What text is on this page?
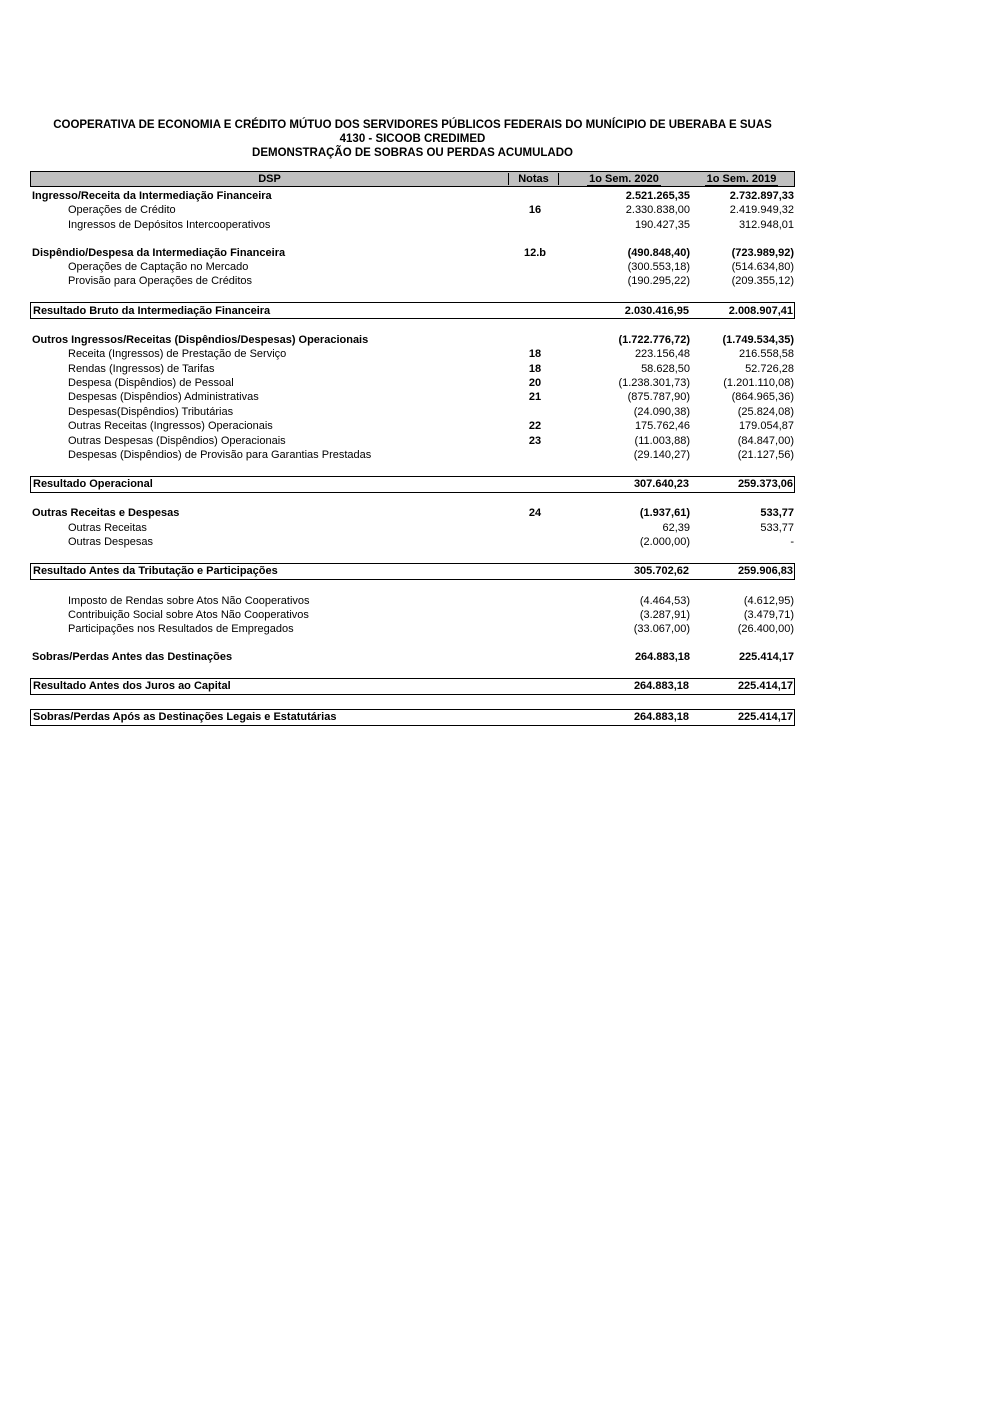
COOPERATIVA DE ECONOMIA E CRÉDITO MÚTUO DOS SERVIDORES PÚBLICOS FEDERAIS DO MUNÍCIPIO DE UBERABA E SUAS
4130 - SICOOB CREDIMED
DEMONSTRAÇÃO DE SOBRAS OU PERDAS ACUMULADO
DSP	Notas	1o Sem. 2020	1o Sem. 2019
Ingresso/Receita da Intermediação Financeira	2.521.265,35	2.732.897,33
Operações de Crédito	16	2.330.838,00	2.419.949,32
Ingressos de Depósitos Intercooperativos	190.427,35	312.948,01
Dispêndio/Despesa da Intermediação Financeira	12.b	(490.848,40)	(723.989,92)
Operações de Captação no Mercado	(300.553,18)	(514.634,80)
Provisão para Operações de Créditos	(190.295,22)	(209.355,12)
Resultado Bruto da Intermediação Financeira	2.030.416,95	2.008.907,41
Outros Ingressos/Receitas (Dispêndios/Despesas) Operacionais	(1.722.776,72)	(1.749.534,35)
Receita (Ingressos) de Prestação de Serviço	18	223.156,48	216.558,58
Rendas (Ingressos) de Tarifas	18	58.628,50	52.726,28
Despesa (Dispêndios) de Pessoal	20	(1.238.301,73)	(1.201.110,08)
Despesas (Dispêndios) Administrativas	21	(875.787,90)	(864.965,36)
Despesas(Dispêndios) Tributárias	(24.090,38)	(25.824,08)
Outras Receitas (Ingressos) Operacionais	22	175.762,46	179.054,87
Outras Despesas (Dispêndios) Operacionais	23	(11.003,88)	(84.847,00)
Despesas (Dispêndios) de Provisão para Garantias Prestadas	(29.140,27)	(21.127,56)
Resultado Operacional	307.640,23	259.373,06
Outras Receitas e Despesas	24	(1.937,61)	533,77
Outras Receitas	62,39	533,77
Outras Despesas	(2.000,00)	-
Resultado Antes da Tributação e Participações	305.702,62	259.906,83
Imposto de Rendas sobre Atos Não Cooperativos	(4.464,53)	(4.612,95)
Contribuição Social sobre Atos Não Cooperativos	(3.287,91)	(3.479,71)
Participações nos Resultados de Empregados	(33.067,00)	(26.400,00)
Sobras/Perdas Antes das Destinações	264.883,18	225.414,17
Resultado Antes dos Juros ao Capital	264.883,18	225.414,17
Sobras/Perdas Após as Destinações Legais e Estatutárias	264.883,18	225.414,17
